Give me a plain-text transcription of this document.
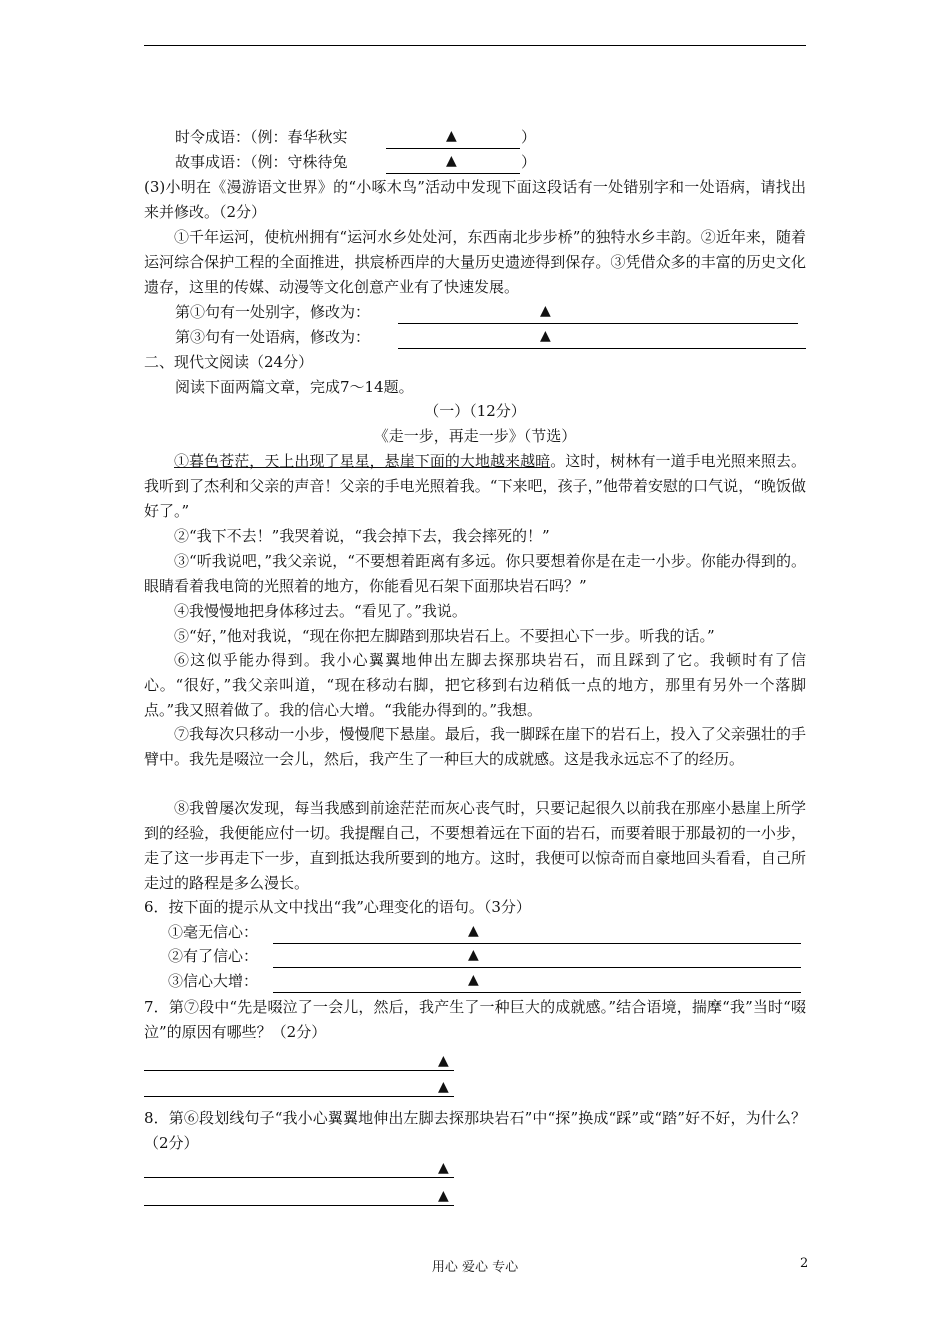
时令成语：（例：春华秋实	▲	）
故事成语：（例：守株待兔	▲	）
(3)小明在《漫游语文世界》的“小啄木鸟”活动中发现下面这段话有一处错别字和一处语病，请找出来并修改。（2分）
①千年运河，使杭州拥有“运河水乡处处河，东西南北步步桥”的独特水乡丰韵。②近年来，随着运河综合保护工程的全面推进，拱宸桥西岸的大量历史遗迹得到保存。③凭借众多的丰富的历史文化遗存，这里的传媒、动漫等文化创意产业有了快速发展。
第①句有一处别字，修改为：	▲
第③句有一处语病，修改为：	▲
二、现代文阅读（24分）
阅读下面两篇文章，完成7～14题。
（一）（12分）
《走一步，再走一步》（节选）
①暮色苍茫，天上出现了星星，悬崖下面的大地越来越暗。这时，树林有一道手电光照来照去。我听到了杰利和父亲的声音！父亲的手电光照着我。“下来吧，孩子，”他带着安慰的口气说，“晚饭做好了。”
②“我下不去！”我哭着说，“我会掉下去，我会摔死的！”
③“听我说吧，”我父亲说，“不要想着距离有多远。你只要想着你是在走一小步。你能办得到的。眼睛看着我电筒的光照着的地方，你能看见石架下面那块岩石吗？”
④我慢慢地把身体移过去。“看见了。”我说。
⑤“好，”他对我说，“现在你把左脚踏到那块岩石上。不要担心下一步。听我的话。”
⑥这似乎能办得到。我小心翼翼地伸出左脚去探那块岩石，而且踩到了它。我顿时有了信心。“很好，”我父亲叫道，“现在移动右脚，把它移到右边稍低一点的地方，那里有另外一个落脚点。”我又照着做了。我的信心大增。“我能办得到的。”我想。
⑦我每次只移动一小步，慢慢爬下悬崖。最后，我一脚踩在崖下的岩石上，投入了父亲强壮的手臂中。我先是啜泣一会儿，然后，我产生了一种巨大的成就感。这是我永远忘不了的经历。
⑧我曾屡次发现，每当我感到前途茫茫而灰心丧气时，只要记起很久以前我在那座小悬崖上所学到的经验，我便能应付一切。我提醒自己，不要想着远在下面的岩石，而要着眼于那最初的一小步，走了这一步再走下一步，直到抵达我所要到的地方。这时，我便可以惊奇而自豪地回头看看，自己所走过的路程是多么漫长。
6．按下面的提示从文中找出“我”心理变化的语句。（3分）
①毫无信心：	▲
②有了信心：	▲
③信心大增：	▲
7．第⑦段中“先是啜泣了一会儿，然后，我产生了一种巨大的成就感。”结合语境，揣摩“我”当时“啜泣”的原因有哪些？（2分）
▲
▲
8．第⑥段划线句子“我小心翼翼地伸出左脚去探那块岩石”中“探”换成“踩”或“踏”好不好，为什么？（2分）
▲
▲
用心 爱心 专心	2
